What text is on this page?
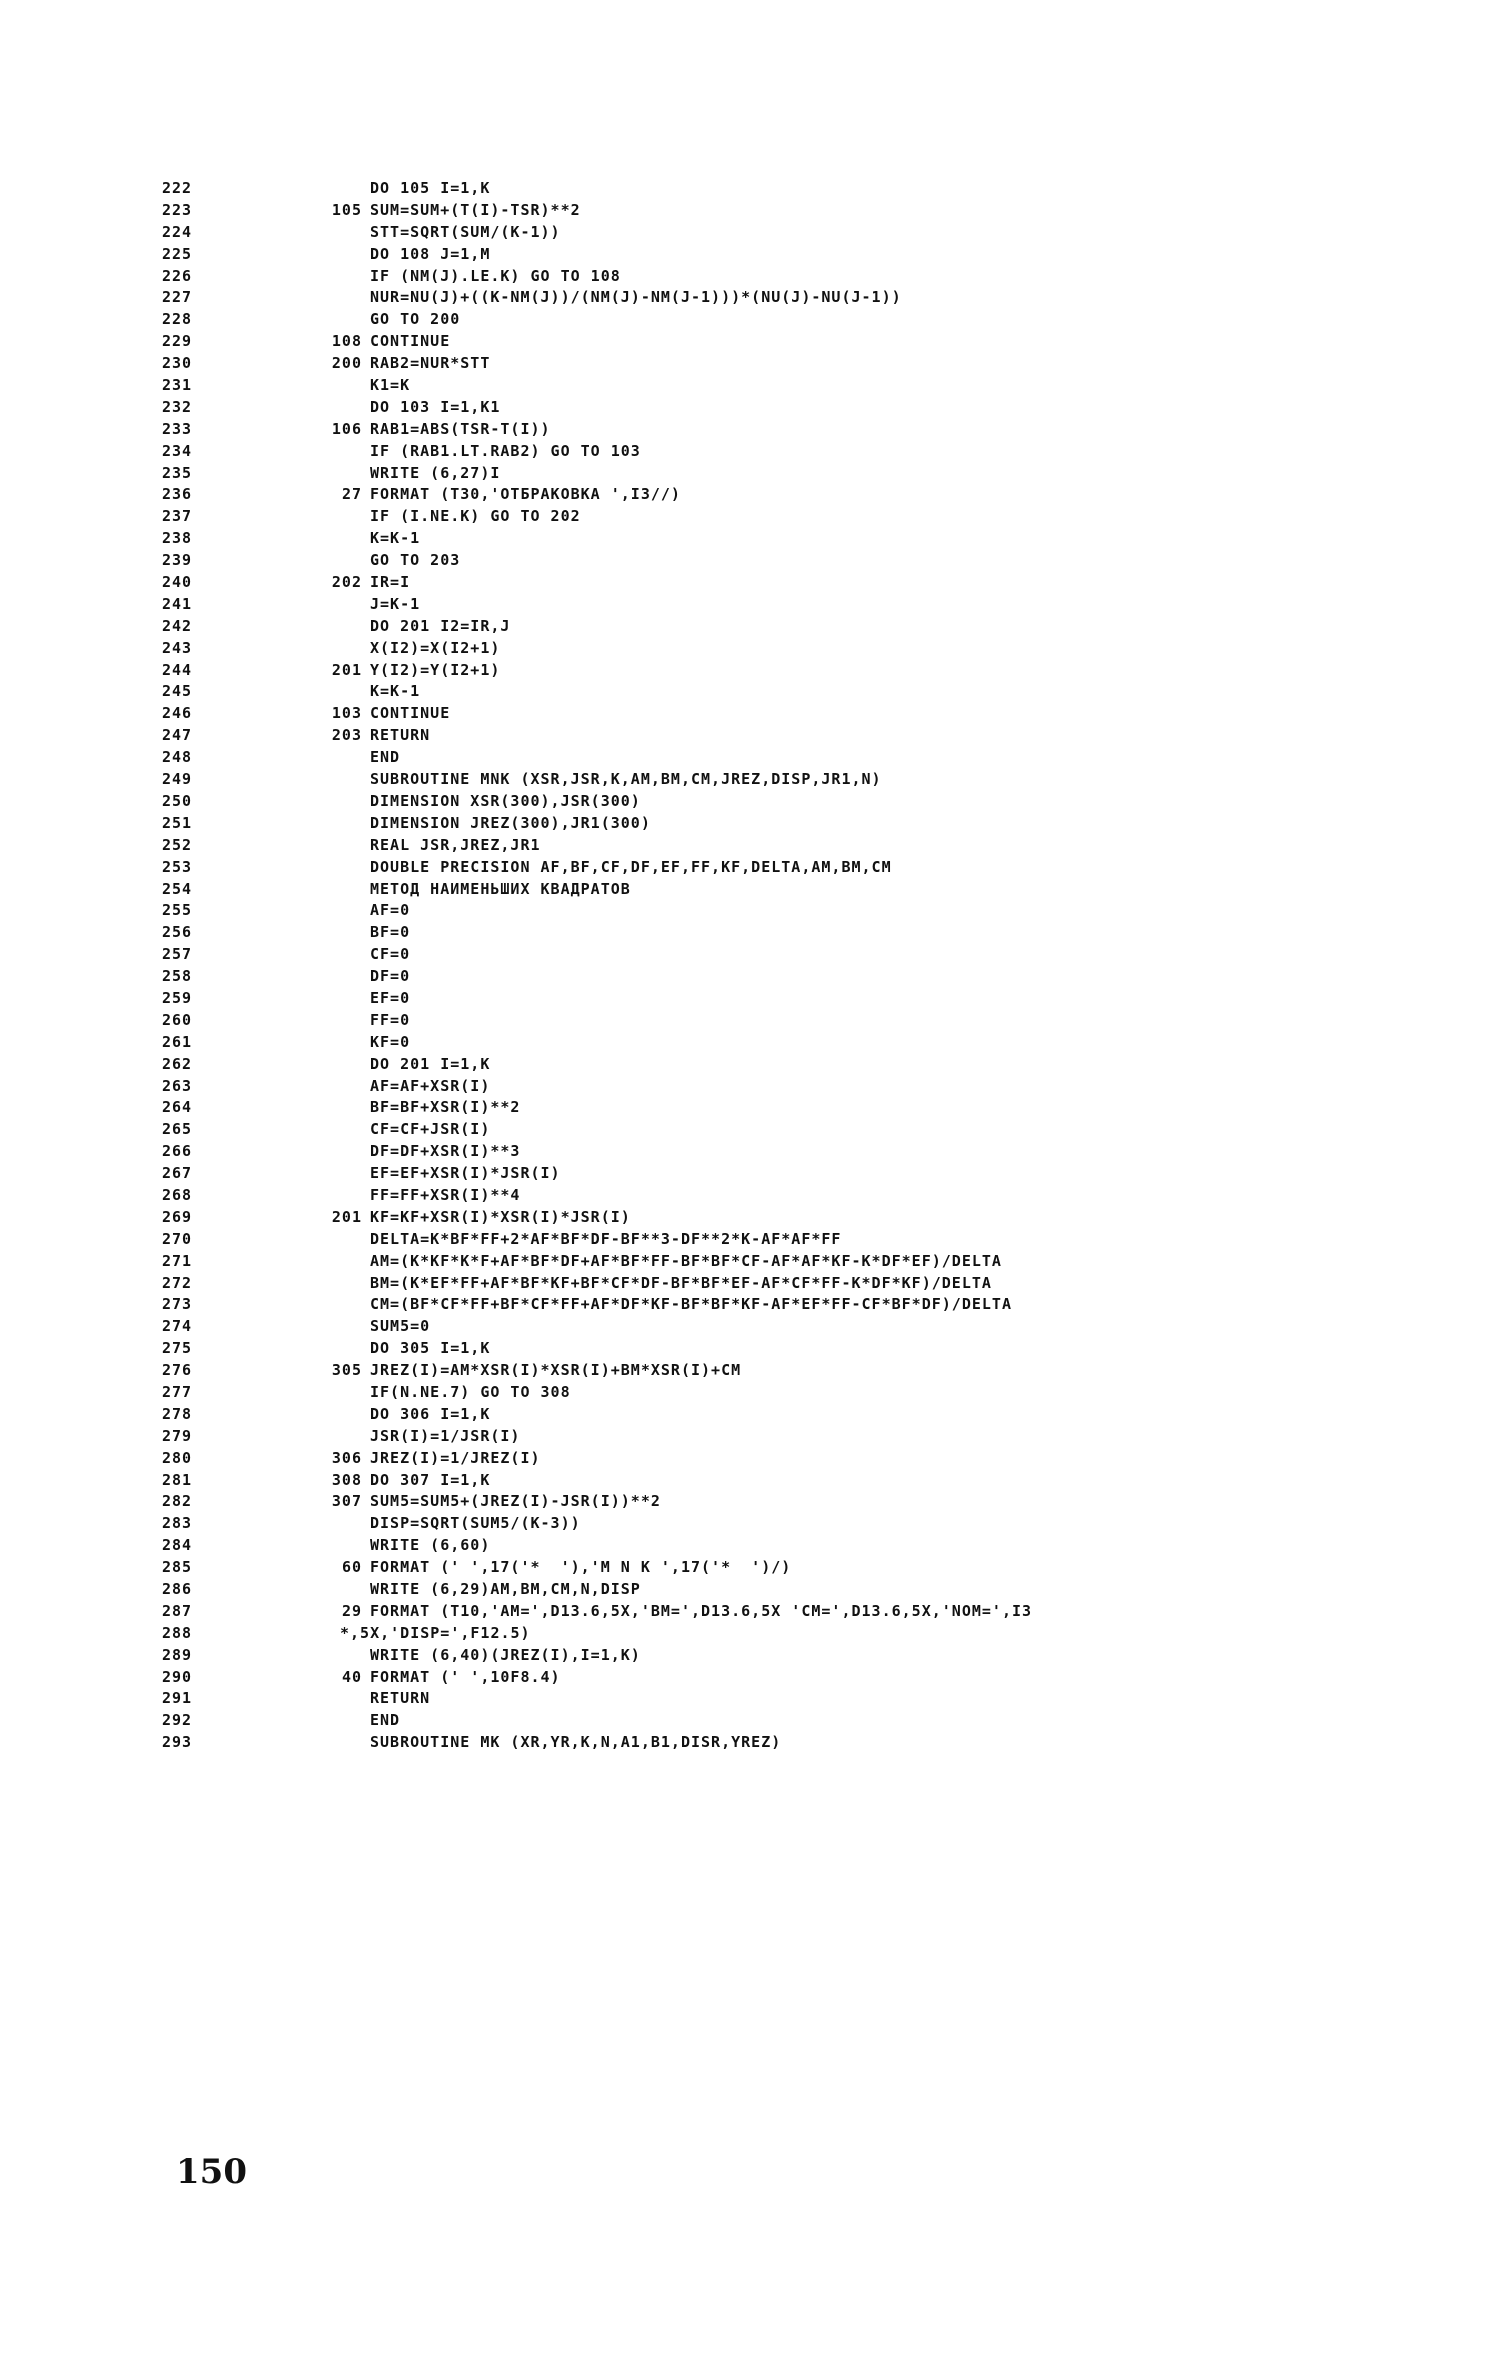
222	DO 105 I=1,K
223	105 SUM=SUM+(T(I)-TSR)**2
224	STT=SQRT(SUM/(K-1))
225	DO 108 J=1,M
226	IF (NM(J).LE.K) GO TO 108
227	NUR=NU(J)+((K-NM(J))/(NM(J)-NM(J-1)))*(NU(J)-NU(J-1))
228	GO TO 200
229	108 CONTINUE
230	200 RAB2=NUR*STT
231	K1=K
232	DO 103 I=1,K1
233	106 RAB1=ABS(TSR-T(I))
234	IF (RAB1.LT.RAB2) GO TO 103
235	WRITE (6,27)I
236	27 FORMAT (T30,'OTБPAKOBKA ',I3//)
237	IF (I.NE.K) GO TO 202
238	K=K-1
239	GO TO 203
240	202 IR=I
241	J=K-1
242	DO 201 I2=IR,J
243	X(I2)=X(I2+1)
244	201 Y(I2)=Y(I2+1)
245	K=K-1
246	103 CONTINUE
247	203 RETURN
248	END
249	SUBROUTINE MNK (XSR,JSR,K,AM,BM,CM,JREZ,DISP,JR1,N)
250	DIMENSION XSR(300),JSR(300)
251	DIMENSION JREZ(300),JR1(300)
252	REAL JSR,JREZ,JR1
253	DOUBLE PRECISION AF,BF,CF,DF,EF,FF,KF,DELTA,AM,BM,CM
254	METOД HAИMEHЬШИX KBAДPATOB
255	AF=0
256	BF=0
257	CF=0
258	DF=0
259	EF=0
260	FF=0
261	KF=0
262	DO 201 I=1,K
263	AF=AF+XSR(I)
264	BF=BF+XSR(I)**2
265	CF=CF+JSR(I)
266	DF=DF+XSR(I)**3
267	EF=EF+XSR(I)*JSR(I)
268	FF=FF+XSR(I)**4
269	201 KF=KF+XSR(I)*XSR(I)*JSR(I)
270	DELTA=K*BF*FF+2*AF*BF*DF-BF**3-DF**2*K-AF*AF*FF
271	AM=(K*KF*K*F+AF*BF*DF+AF*BF*FF-BF*BF*CF-AF*AF*KF-K*DF*EF)/DELTA
272	BM=(K*EF*FF+AF*BF*KF+BF*CF*DF-BF*BF*EF-AF*CF*FF-K*DF*KF)/DELTA
273	CM=(BF*CF*FF+BF*CF*FF+AF*DF*KF-BF*BF*KF-AF*EF*FF-CF*BF*DF)/DELTA
274	SUM5=0
275	DO 305 I=1,K
276	305 JREZ(I)=AM*XSR(I)*XSR(I)+BM*XSR(I)+CM
277	IF(N.NE.7) GO TO 308
278	DO 306 I=1,K
279	JSR(I)=1/JSR(I)
280	306 JREZ(I)=1/JREZ(I)
281	308 DO 307 I=1,K
282	307 SUM5=SUM5+(JREZ(I)-JSR(I))**2
283	DISP=SQRT(SUM5/(K-3))
284	WRITE (6,60)
285	60 FORMAT (' ',17('*  '),'M N K ',17('*  ')/)
286	WRITE (6,29)AM,BM,CM,N,DISP
287	29 FORMAT (T10,'AM=',D13.6,5X,'BM=',D13.6,5X 'CM=',D13.6,5X,'NOM=',I3
288	*,5X,'DISP=',F12.5)
289	WRITE (6,40)(JREZ(I),I=1,K)
290	40 FORMAT (' ',10F8.4)
291	RETURN
292	END
293	SUBROUTINE MK (XR,YR,K,N,A1,B1,DISR,YREZ)
150
